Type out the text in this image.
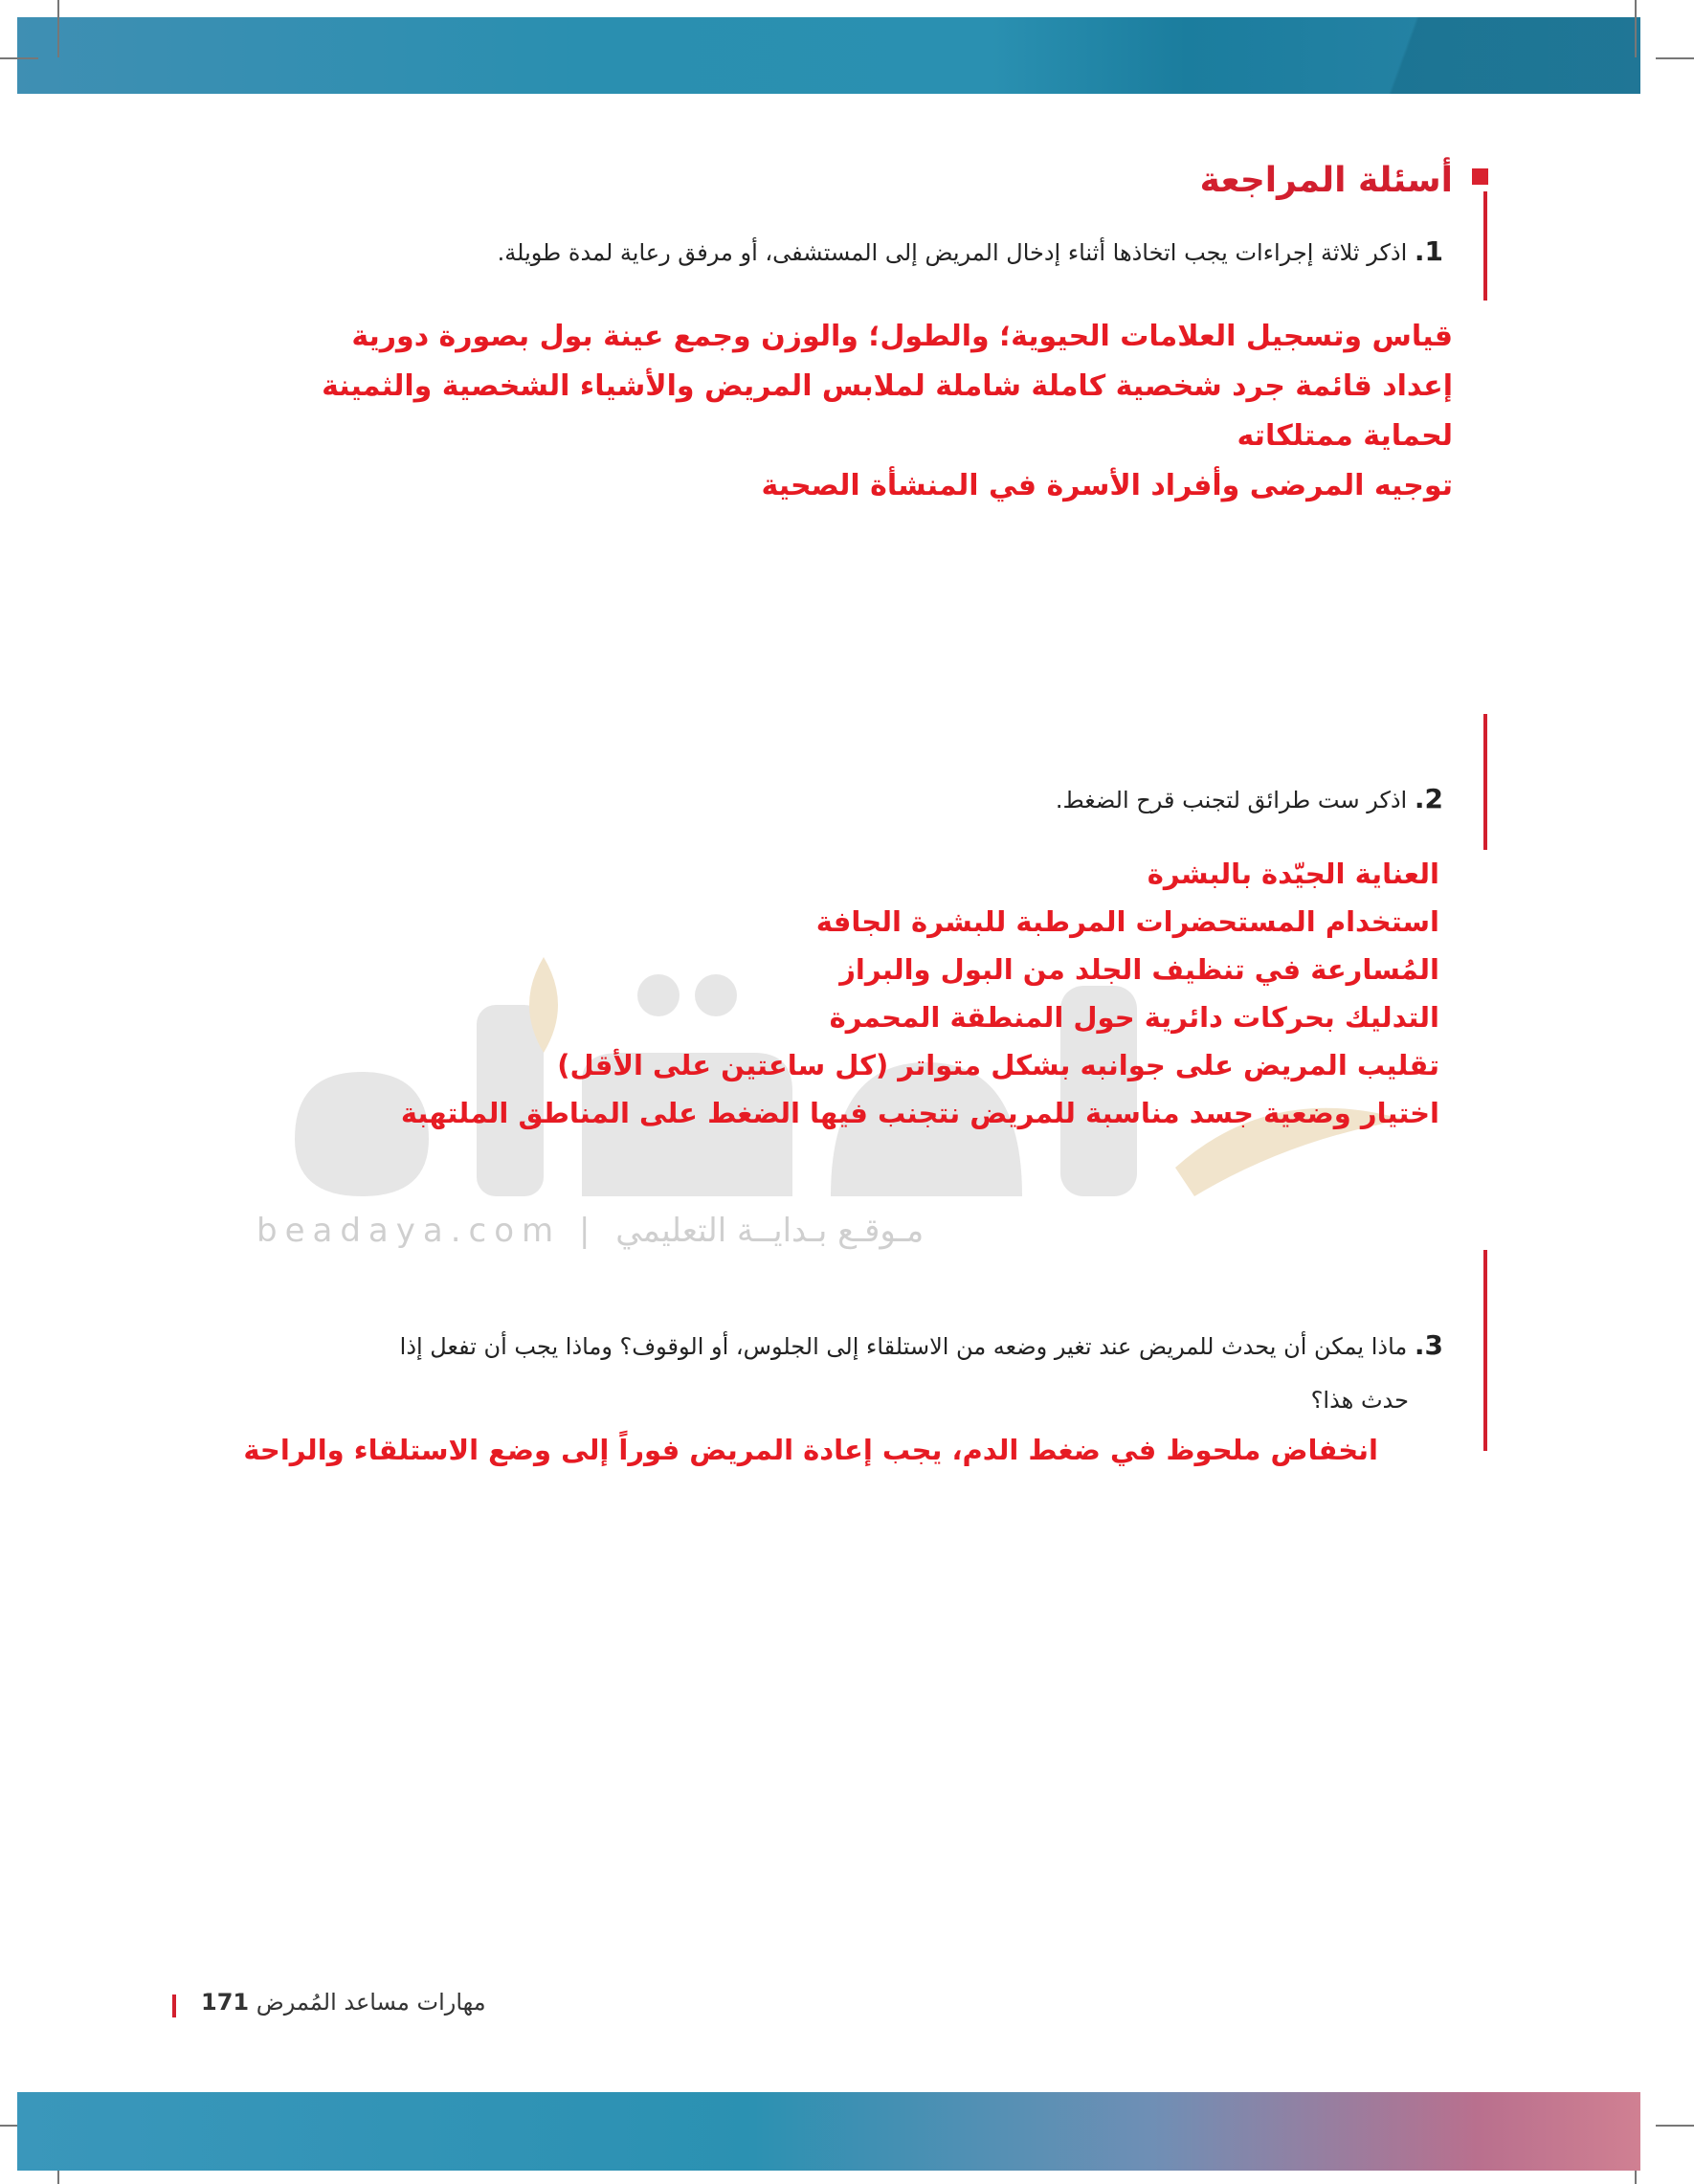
أسئلة المراجعة
beadaya.com | مـوقـع بـدايــة التعليمي
1. اذكر ثلاثة إجراءات يجب اتخاذها أثناء إدخال المريض إلى المستشفى، أو مرفق رعاية لمدة طويلة.
قياس وتسجيل العلامات الحيوية؛ والطول؛ والوزن وجمع عينة بول بصورة دورية
إعداد قائمة جرد شخصية كاملة شاملة لملابس المريض والأشياء الشخصية والثمينة
لحماية ممتلكاته
توجيه المرضى وأفراد الأسرة في المنشأة الصحية
2. اذكر ست طرائق لتجنب قرح الضغط.
العناية الجيّدة بالبشرة
استخدام المستحضرات المرطبة للبشرة الجافة
المُسارعة في تنظيف الجلد من البول والبراز
التدليك بحركات دائرية حول المنطقة المحمرة
تقليب المريض على جوانبه بشكل متواتر (كل ساعتين على الأقل)
اختيار وضعية جسد مناسبة للمريض نتجنب فيها الضغط على المناطق الملتهبة
3. ماذا يمكن أن يحدث للمريض عند تغير وضعه من الاستلقاء إلى الجلوس، أو الوقوف؟ وماذا يجب أن تفعل إذا
حدث هذا؟
انخفاض ملحوظ في ضغط الدم، يجب إعادة المريض فوراً إلى وضع الاستلقاء والراحة
مهارات مساعد المُمرض 171
